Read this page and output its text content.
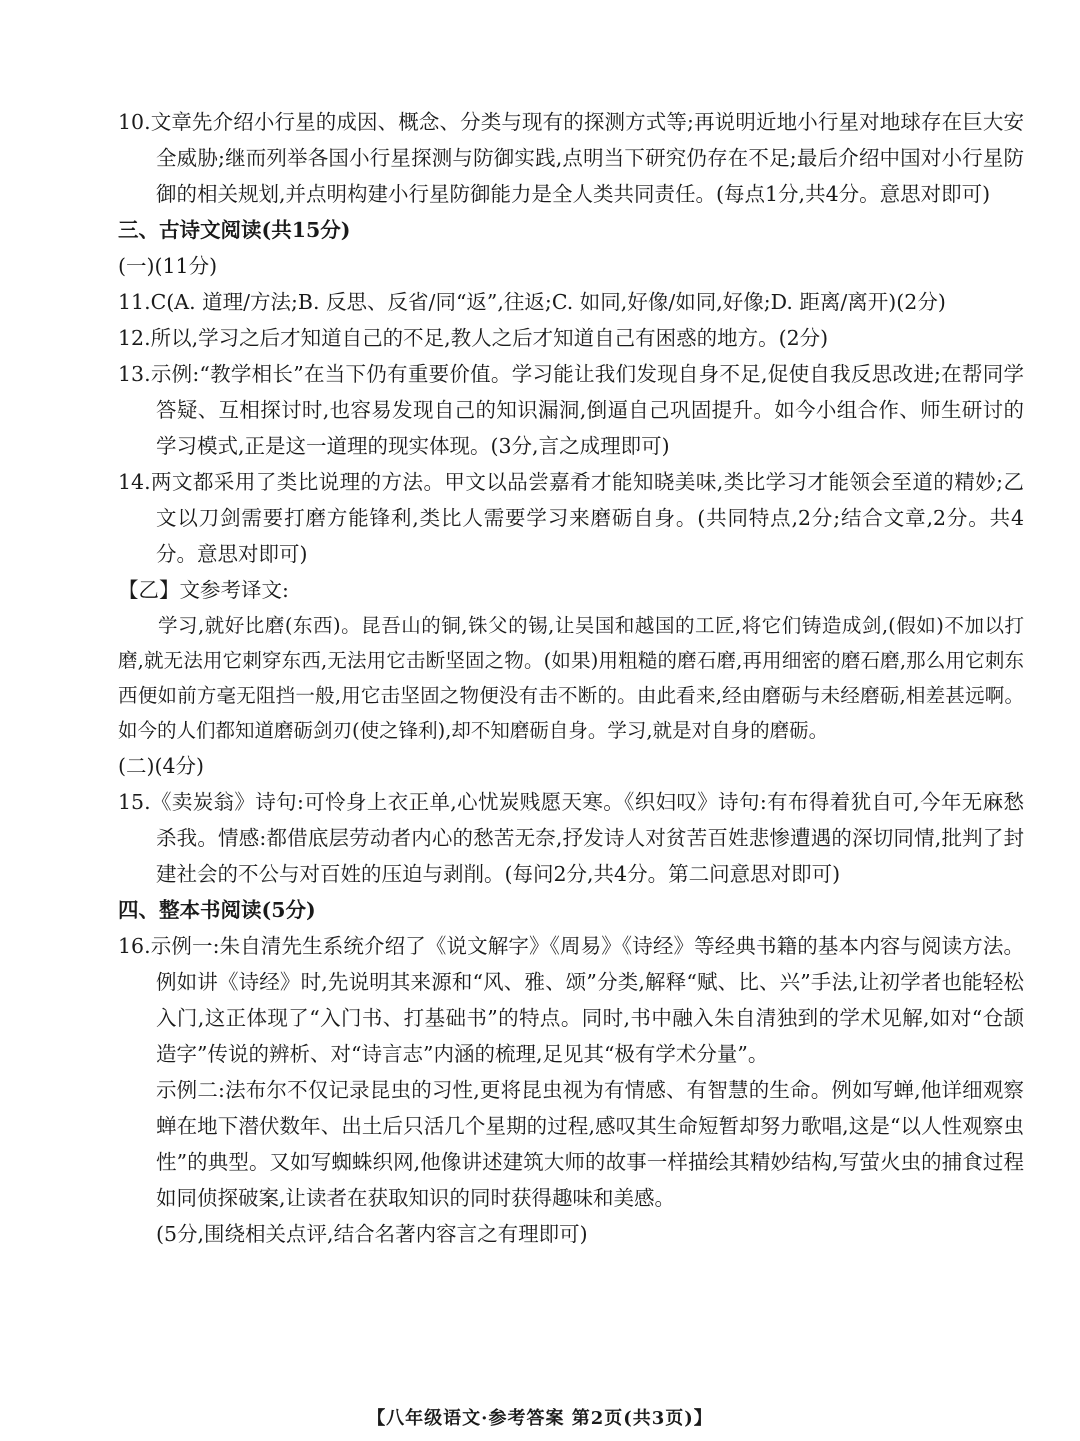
10.文章先介绍小行星的成因、概念、分类与现有的探测方式等;再说明近地小行星对地球存在巨大安全威胁;继而列举各国小行星探测与防御实践,点明当下研究仍存在不足;最后介绍中国对小行星防御的相关规划,并点明构建小行星防御能力是全人类共同责任。(每点1分,共4分。意思对即可)

三、古诗文阅读(共15分)

(一)(11分)

11.C(A. 道理/方法;B. 反思、反省/同“返”,往返;C. 如同,好像/如同,好像;D. 距离/离开)(2分)

12.所以,学习之后才知道自己的不足,教人之后才知道自己有困惑的地方。(2分)

13.示例:“教学相长”在当下仍有重要价值。学习能让我们发现自身不足,促使自我反思改进;在帮同学答疑、互相探讨时,也容易发现自己的知识漏洞,倒逼自己巩固提升。如今小组合作、师生研讨的学习模式,正是这一道理的现实体现。(3分,言之成理即可)

14.两文都采用了类比说理的方法。甲文以品尝嘉肴才能知晓美味,类比学习才能领会至道的精妙;乙文以刀剑需要打磨方能锋利,类比人需要学习来磨砺自身。(共同特点,2分;结合文章,2分。共4分。意思对即可)

【乙】文参考译文:

学习,就好比磨(东西)。昆吾山的铜,铢父的锡,让吴国和越国的工匠,将它们铸造成剑,(假如)不加以打磨,就无法用它刺穿东西,无法用它击断坚固之物。(如果)用粗糙的磨石磨,再用细密的磨石磨,那么用它刺东西便如前方毫无阻挡一般,用它击坚固之物便没有击不断的。由此看来,经由磨砺与未经磨砺,相差甚远啊。如今的人们都知道磨砺剑刃(使之锋利),却不知磨砺自身。学习,就是对自身的磨砺。

(二)(4分)

15.《卖炭翁》诗句:可怜身上衣正单,心忧炭贱愿天寒。《织妇叹》诗句:有布得着犹自可,今年无麻愁杀我。情感:都借底层劳动者内心的愁苦无奈,抒发诗人对贫苦百姓悲惨遭遇的深切同情,批判了封建社会的不公与对百姓的压迫与剥削。(每问2分,共4分。第二问意思对即可)

四、整本书阅读(5分)

16.示例一:朱自清先生系统介绍了《说文解字》《周易》《诗经》等经典书籍的基本内容与阅读方法。例如讲《诗经》时,先说明其来源和“风、雅、颂”分类,解释“赋、比、兴”手法,让初学者也能轻松入门,这正体现了“入门书、打基础书”的特点。同时,书中融入朱自清独到的学术见解,如对“仓颉造字”传说的辨析、对“诗言志”内涵的梳理,足见其“极有学术分量”。

示例二:法布尔不仅记录昆虫的习性,更将昆虫视为有情感、有智慧的生命。例如写蝉,他详细观察蝉在地下潜伏数年、出土后只活几个星期的过程,感叹其生命短暂却努力歌唱,这是“以人性观察虫性”的典型。又如写蜘蛛织网,他像讲述建筑大师的故事一样描绘其精妙结构,写萤火虫的捕食过程如同侦探破案,让读者在获取知识的同时获得趣味和美感。

(5分,围绕相关点评,结合名著内容言之有理即可)

【八年级语文·参考答案 第2页(共3页)】
